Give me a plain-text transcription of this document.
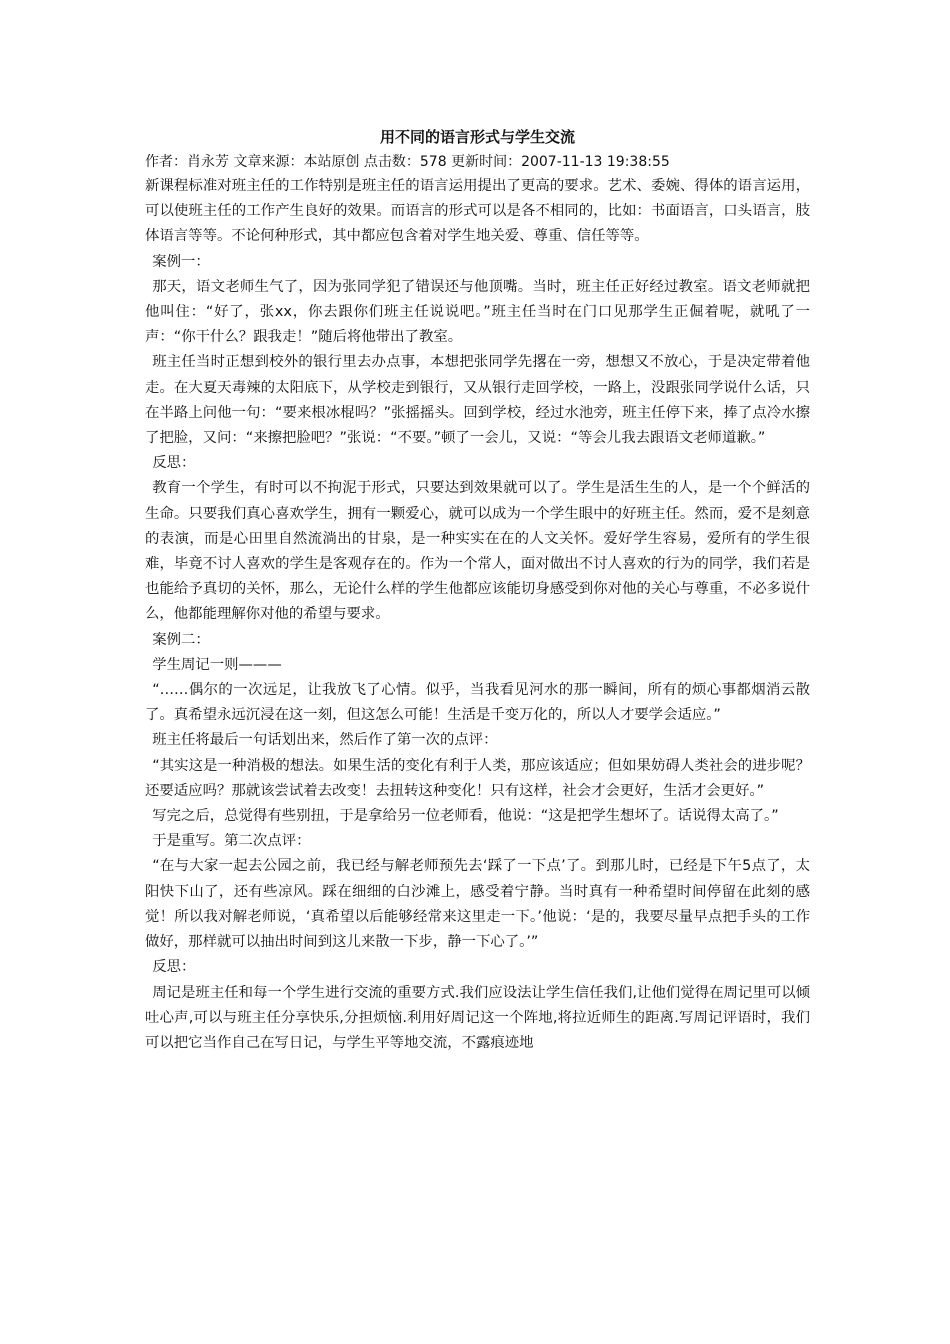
用不同的语言形式与学生交流

作者：肖永芳 文章来源：本站原创 点击数：578 更新时间：2007-11-13 19:38:55

新课程标准对班主任的工作特别是班主任的语言运用提出了更高的要求。艺术、委婉、得体的语言运用，可以使班主任的工作产生良好的效果。而语言的形式可以是各不相同的，比如：书面语言，口头语言，肢体语言等等。不论何种形式，其中都应包含着对学生地关爱、尊重、信任等等。

案例一：

那天，语文老师生气了，因为张同学犯了错误还与他顶嘴。当时，班主任正好经过教室。语文老师就把他叫住：“好了，张xx，你去跟你们班主任说说吧。”班主任当时在门口见那学生正倔着呢，就吼了一声：“你干什么？跟我走！”随后将他带出了教室。

班主任当时正想到校外的银行里去办点事，本想把张同学先撂在一旁，想想又不放心，于是决定带着他走。在大夏天毒辣的太阳底下，从学校走到银行，又从银行走回学校，一路上，没跟张同学说什么话，只在半路上问他一句：“要来根冰棍吗？”张摇摇头。回到学校，经过水池旁，班主任停下来，捧了点冷水擦了把脸，又问：“来擦把脸吧？”张说：“不要。”顿了一会儿，又说：“等会儿我去跟语文老师道歉。”

反思：

教育一个学生，有时可以不拘泥于形式，只要达到效果就可以了。学生是活生生的人，是一个个鲜活的生命。只要我们真心喜欢学生，拥有一颗爱心，就可以成为一个学生眼中的好班主任。然而，爱不是刻意的表演，而是心田里自然流淌出的甘泉，是一种实实在在的人文关怀。爱好学生容易，爱所有的学生很难，毕竟不讨人喜欢的学生是客观存在的。作为一个常人，面对做出不讨人喜欢的行为的同学，我们若是也能给予真切的关怀，那么，无论什么样的学生他都应该能切身感受到你对他的关心与尊重，不必多说什么，他都能理解你对他的希望与要求。

案例二：

学生周记一则———

“……偶尔的一次远足，让我放飞了心情。似乎，当我看见河水的那一瞬间，所有的烦心事都烟消云散了。真希望永远沉浸在这一刻，但这怎么可能！生活是千变万化的，所以人才要学会适应。”

班主任将最后一句话划出来，然后作了第一次的点评：

“其实这是一种消极的想法。如果生活的变化有利于人类，那应该适应；但如果妨碍人类社会的进步呢？还要适应吗？那就该尝试着去改变！去扭转这种变化！只有这样，社会才会更好，生活才会更好。”

写完之后，总觉得有些别扭，于是拿给另一位老师看，他说：“这是把学生想坏了。话说得太高了。”

于是重写。第二次点评：

“在与大家一起去公园之前，我已经与解老师预先去‘踩了一下点’了。到那儿时，已经是下午5点了，太阳快下山了，还有些凉风。踩在细细的白沙滩上，感受着宁静。当时真有一种希望时间停留在此刻的感觉！所以我对解老师说，‘真希望以后能够经常来这里走一下。’他说：‘是的，我要尽量早点把手头的工作做好，那样就可以抽出时间到这儿来散一下步，静一下心了。’”

反思：

周记是班主任和每一个学生进行交流的重要方式.我们应设法让学生信任我们,让他们觉得在周记里可以倾吐心声,可以与班主任分享快乐,分担烦恼.利用好周记这一个阵地,将拉近师生的距离.写周记评语时，我们可以把它当作自己在写日记，与学生平等地交流，不露痕迹地
